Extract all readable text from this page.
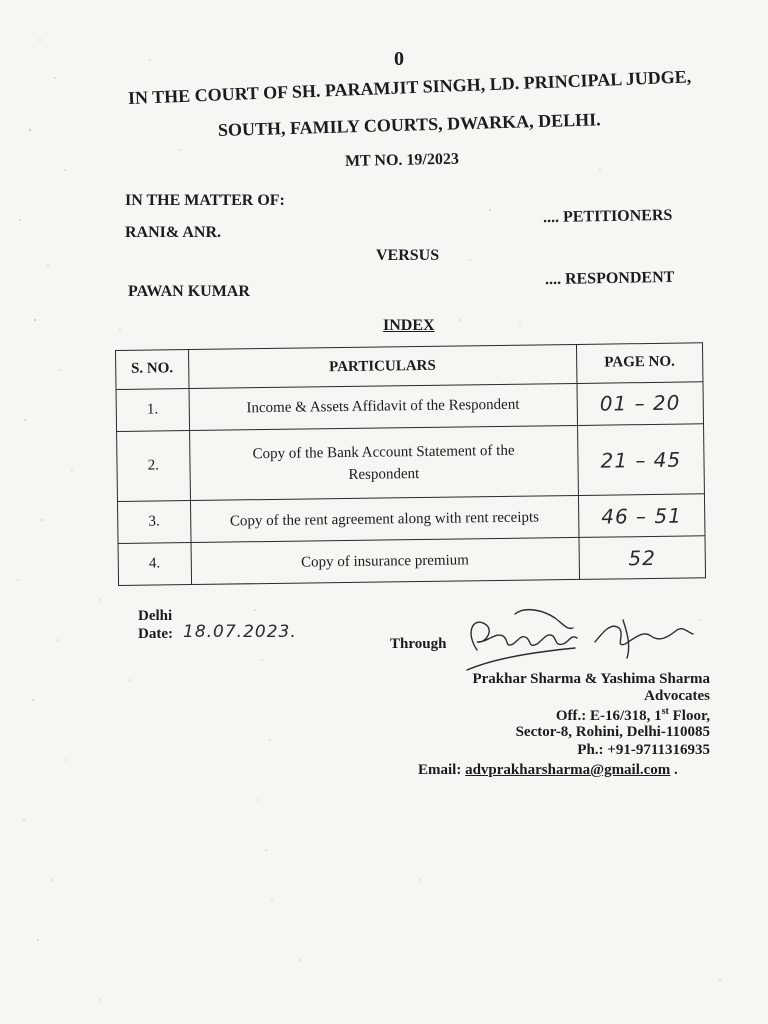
0
IN THE COURT OF SH. PARAMJIT SINGH, LD. PRINCIPAL JUDGE,
SOUTH, FAMILY COURTS, DWARKA, DELHI.
MT NO. 19/2023
IN THE MATTER OF:
.... PETITIONERS
RANI& ANR.
VERSUS
.... RESPONDENT
PAWAN KUMAR
INDEX
S. NO.	PARTICULARS	PAGE NO.
1.	Income & Assets Affidavit of the Respondent	01 – 20
2.	Copy of the Bank Account Statement of the
Respondent	21 – 45
3.	Copy of the rent agreement along with rent receipts	46 – 51
4.	Copy of insurance premium	52
Delhi
Date: 18.07.2023.
Through
Prakhar Sharma & Yashima Sharma
Advocates
Off.: E-16/318, 1st Floor,
Sector-8, Rohini, Delhi-110085
Ph.: +91-9711316935
Email: advprakharsharma@gmail.com .
